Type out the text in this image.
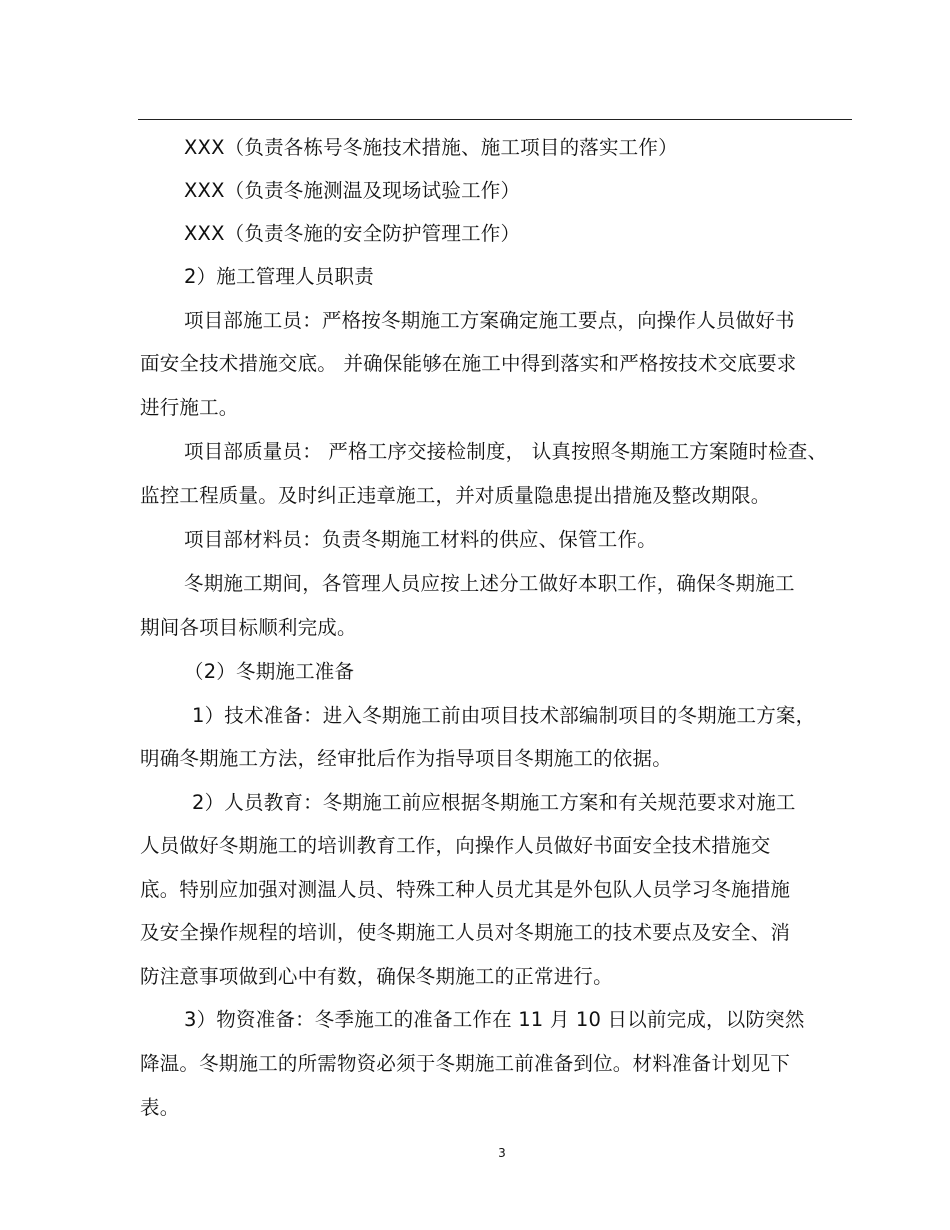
XXX（负责各栋号冬施技术措施、施工项目的落实工作）
XXX（负责冬施测温及现场试验工作）
XXX（负责冬施的安全防护管理工作）
2）施工管理人员职责
项目部施工员：严格按冬期施工方案确定施工要点，向操作人员做好书
面安全技术措施交底。 并确保能够在施工中得到落实和严格按技术交底要求
进行施工。
项目部质量员： 严格工序交接检制度， 认真按照冬期施工方案随时检查、
监控工程质量。及时纠正违章施工，并对质量隐患提出措施及整改期限。
项目部材料员：负责冬期施工材料的供应、保管工作。
冬期施工期间，各管理人员应按上述分工做好本职工作，确保冬期施工
期间各项目标顺利完成。
（2）冬期施工准备
1）技术准备：进入冬期施工前由项目技术部编制项目的冬期施工方案，
明确冬期施工方法，经审批后作为指导项目冬期施工的依据。
2）人员教育：冬期施工前应根据冬期施工方案和有关规范要求对施工
人员做好冬期施工的培训教育工作，向操作人员做好书面安全技术措施交
底。特别应加强对测温人员、特殊工种人员尤其是外包队人员学习冬施措施
及安全操作规程的培训，使冬期施工人员对冬期施工的技术要点及安全、消
防注意事项做到心中有数，确保冬期施工的正常进行。
3）物资准备：冬季施工的准备工作在 11 月 10 日以前完成，以防突然
降温。冬期施工的所需物资必须于冬期施工前准备到位。材料准备计划见下
表。
3
